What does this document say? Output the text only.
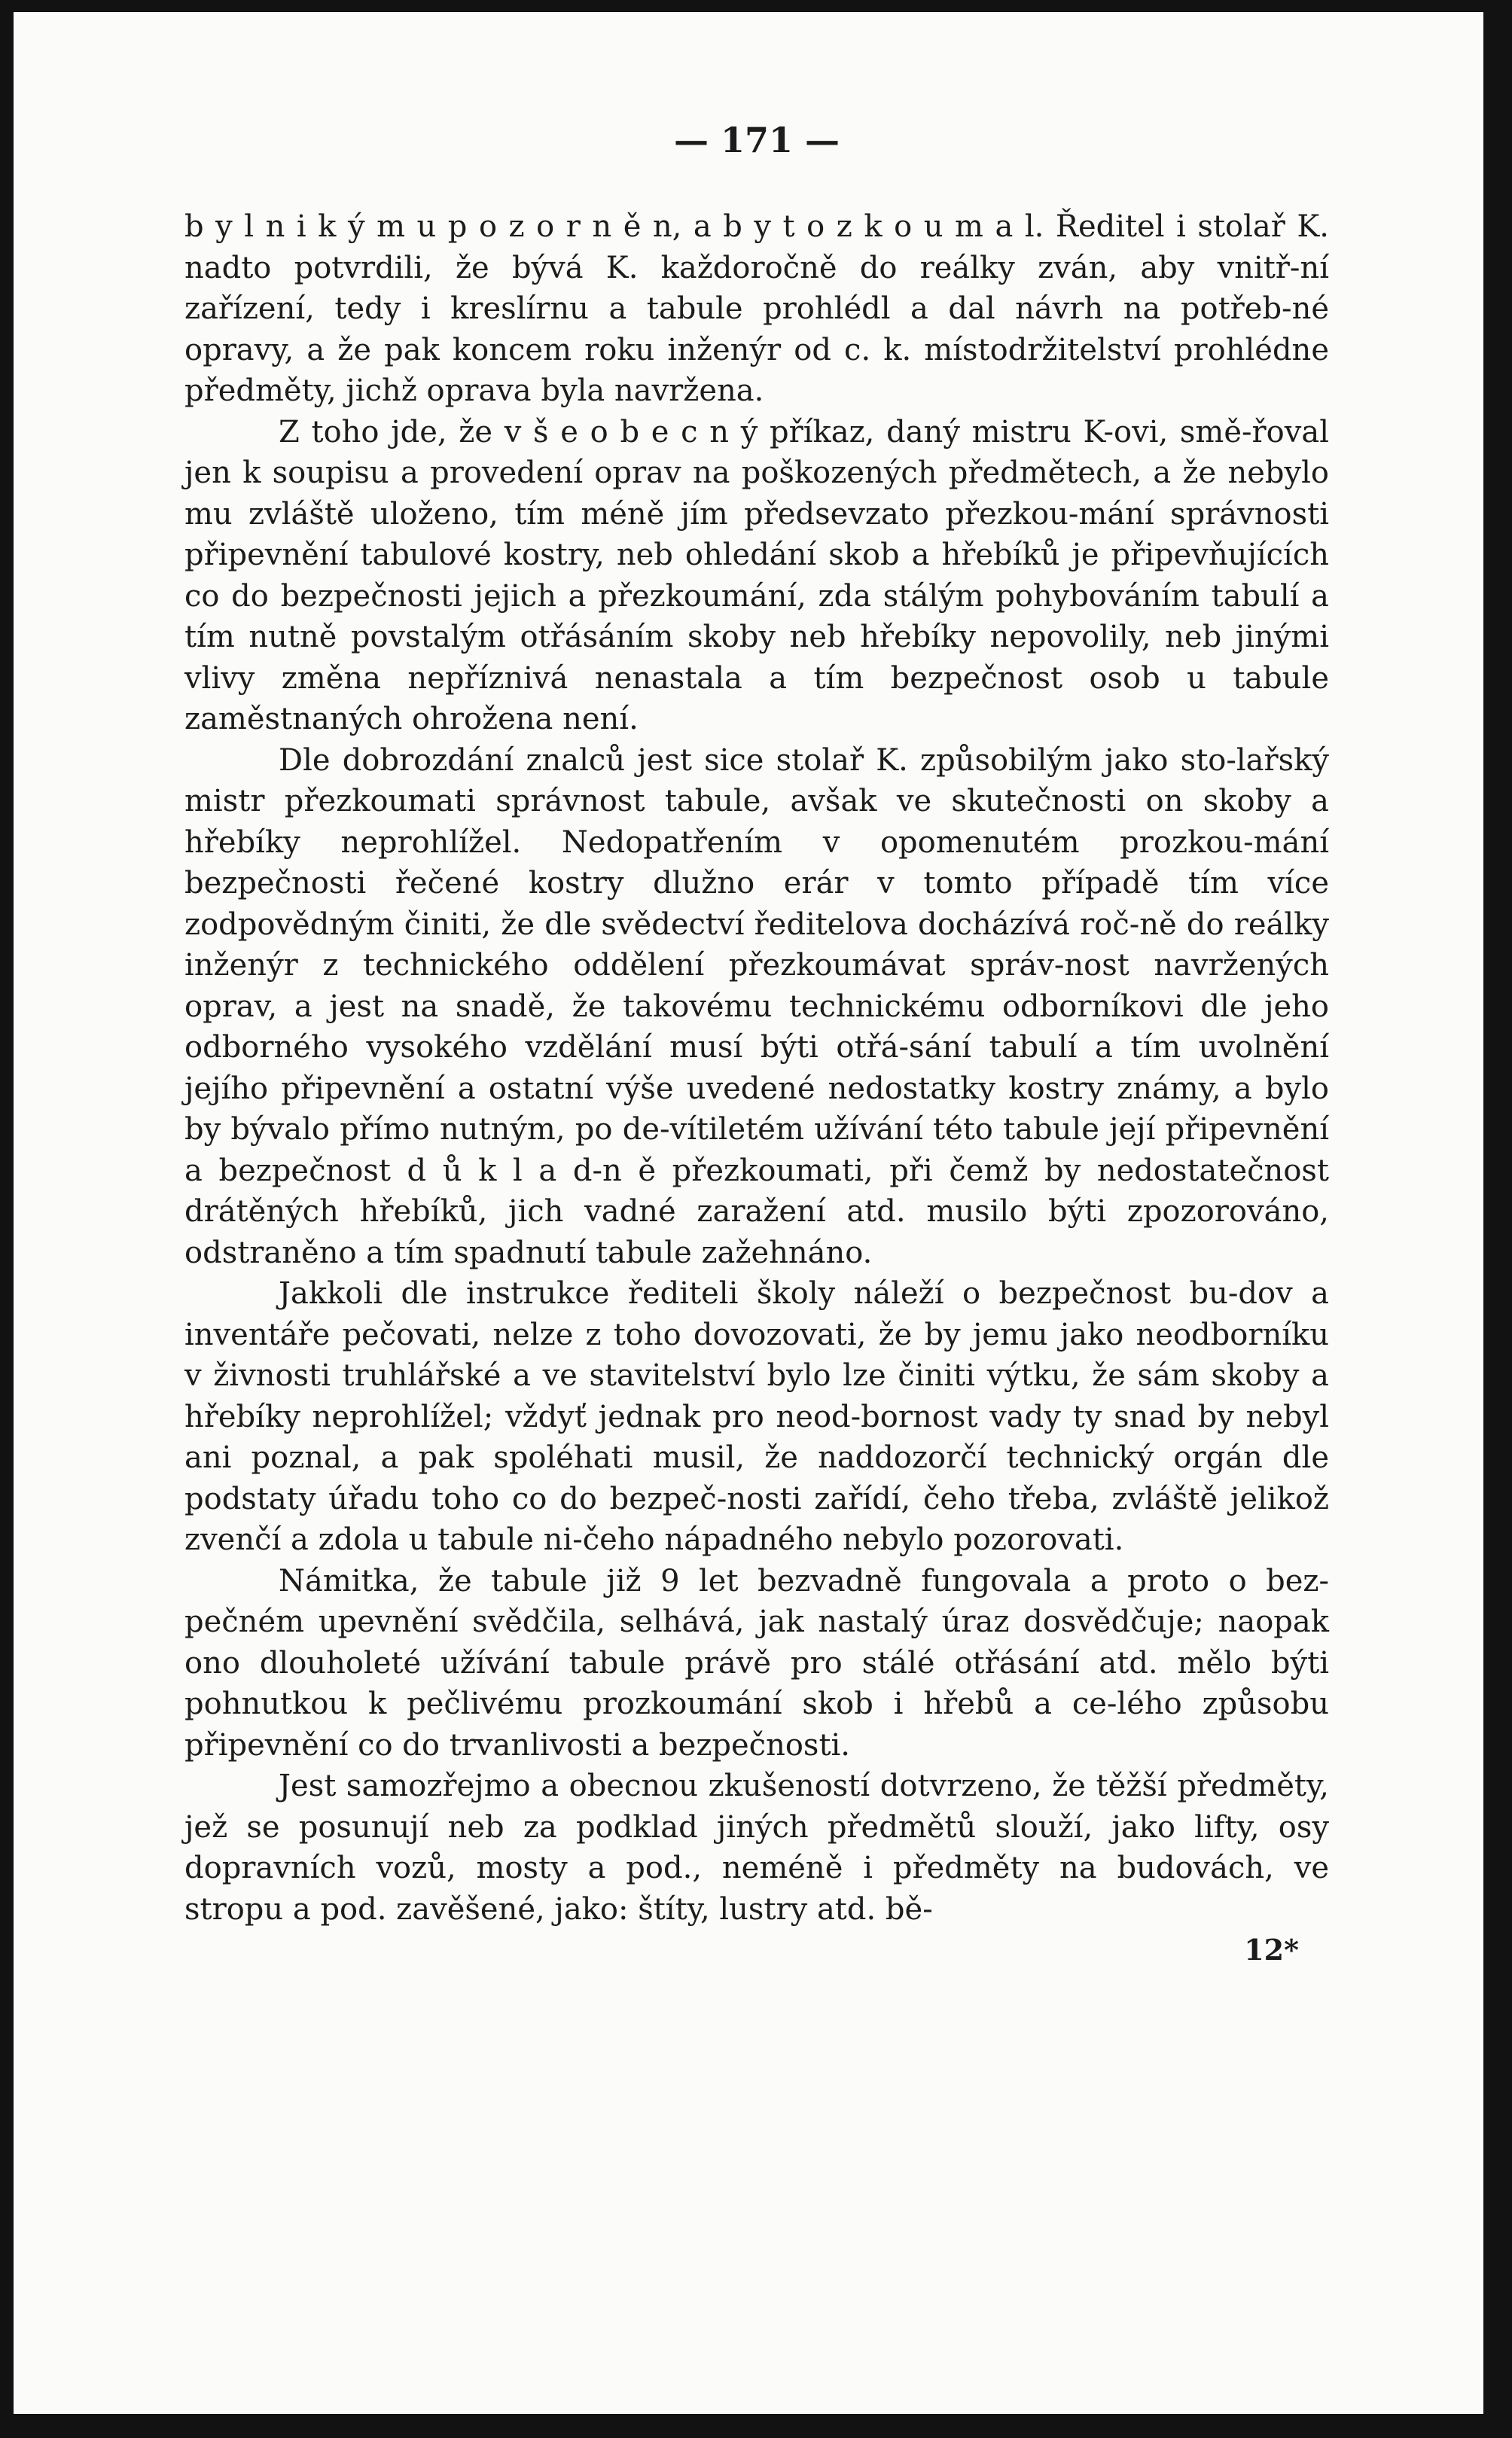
— 171 —

b y l n i k ý m u p o z o r n ě n, a b y t o z k o u m a l. Ředitel i stolař K. nadto potvrdili, že bývá K. každoročně do reálky zván, aby vnitř-ní zařízení, tedy i kreslírnu a tabule prohlédl a dal návrh na potřeb-né opravy, a že pak koncem roku inženýr od c. k. místodržitelství prohlédne předměty, jichž oprava byla navržena.

Z toho jde, že v š e o b e c n ý příkaz, daný mistru K-ovi, smě-řoval jen k soupisu a provedení oprav na poškozených předmětech, a že nebylo mu zvláště uloženo, tím méně jím předsevzato přezkou-mání správnosti připevnění tabulové kostry, neb ohledání skob a hřebíků je připevňujících co do bezpečnosti jejich a přezkoumání, zda stálým pohybováním tabulí a tím nutně povstalým otřásáním skoby neb hřebíky nepovolily, neb jinými vlivy změna nepříznivá nenastala a tím bezpečnost osob u tabule zaměstnaných ohrožena není.

Dle dobrozdání znalců jest sice stolař K. způsobilým jako sto-lařský mistr přezkoumati správnost tabule, avšak ve skutečnosti on skoby a hřebíky neprohlížel. Nedopatřením v opomenutém prozkou-mání bezpečnosti řečené kostry dlužno erár v tomto případě tím více zodpovědným činiti, že dle svědectví ředitelova docházívá roč-ně do reálky inženýr z technického oddělení přezkoumávat správ-nost navržených oprav, a jest na snadě, že takovému technickému odborníkovi dle jeho odborného vysokého vzdělání musí býti otřá-sání tabulí a tím uvolnění jejího připevnění a ostatní výše uvedené nedostatky kostry známy, a bylo by bývalo přímo nutným, po de-vítiletém užívání této tabule její připevnění a bezpečnost d ů k l a d-n ě přezkoumati, při čemž by nedostatečnost drátěných hřebíků, jich vadné zaražení atd. musilo býti zpozorováno, odstraněno a tím spadnutí tabule zažehnáno.

Jakkoli dle instrukce řediteli školy náleží o bezpečnost bu-dov a inventáře pečovati, nelze z toho dovozovati, že by jemu jako neodborníku v živnosti truhlářské a ve stavitelství bylo lze činiti výtku, že sám skoby a hřebíky neprohlížel; vždyť jednak pro neod-bornost vady ty snad by nebyl ani poznal, a pak spoléhati musil, že naddozorčí technický orgán dle podstaty úřadu toho co do bezpeč-nosti zařídí, čeho třeba, zvláště jelikož zvenčí a zdola u tabule ni-čeho nápadného nebylo pozorovati.

Námitka, že tabule již 9 let bezvadně fungovala a proto o bez-pečném upevnění svědčila, selhává, jak nastalý úraz dosvědčuje; naopak ono dlouholeté užívání tabule právě pro stálé otřásání atd. mělo býti pohnutkou k pečlivému prozkoumání skob i hřebů a ce-lého způsobu připevnění co do trvanlivosti a bezpečnosti.

Jest samozřejmo a obecnou zkušeností dotvrzeno, že těžší předměty, jež se posunují neb za podklad jiných předmětů slouží, jako lifty, osy dopravních vozů, mosty a pod., neméně i předměty na budovách, ve stropu a pod. zavěšené, jako: štíty, lustry atd. bě-

12*
